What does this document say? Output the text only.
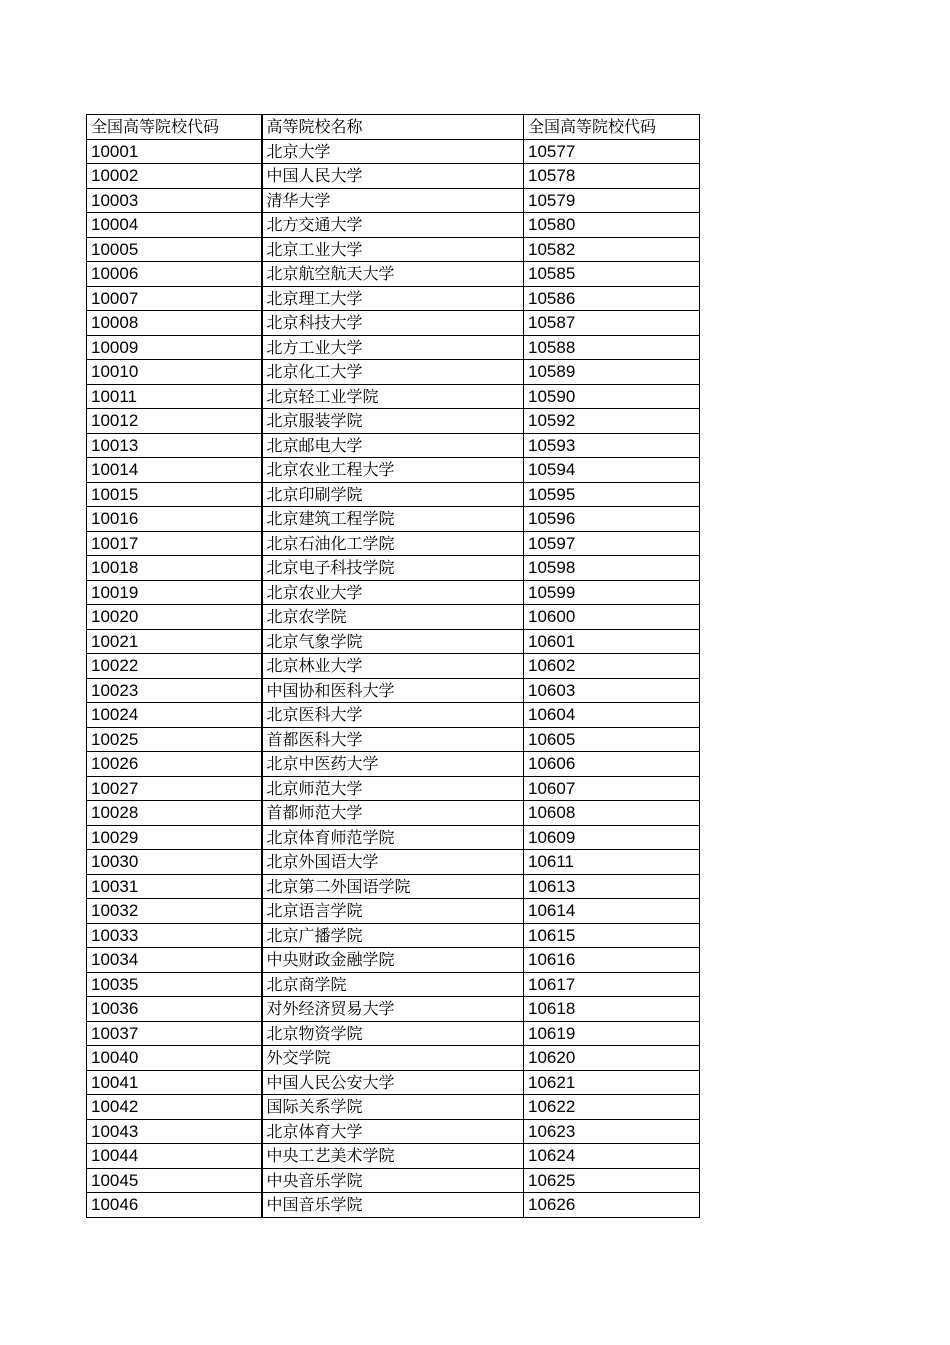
全国高等院校代码	高等院校名称	全国高等院校代码
10001	北京大学	10577
10002	中国人民大学	10578
10003	清华大学	10579
10004	北方交通大学	10580
10005	北京工业大学	10582
10006	北京航空航天大学	10585
10007	北京理工大学	10586
10008	北京科技大学	10587
10009	北方工业大学	10588
10010	北京化工大学	10589
10011	北京轻工业学院	10590
10012	北京服装学院	10592
10013	北京邮电大学	10593
10014	北京农业工程大学	10594
10015	北京印刷学院	10595
10016	北京建筑工程学院	10596
10017	北京石油化工学院	10597
10018	北京电子科技学院	10598
10019	北京农业大学	10599
10020	北京农学院	10600
10021	北京气象学院	10601
10022	北京林业大学	10602
10023	中国协和医科大学	10603
10024	北京医科大学	10604
10025	首都医科大学	10605
10026	北京中医药大学	10606
10027	北京师范大学	10607
10028	首都师范大学	10608
10029	北京体育师范学院	10609
10030	北京外国语大学	10611
10031	北京第二外国语学院	10613
10032	北京语言学院	10614
10033	北京广播学院	10615
10034	中央财政金融学院	10616
10035	北京商学院	10617
10036	对外经济贸易大学	10618
10037	北京物资学院	10619
10040	外交学院	10620
10041	中国人民公安大学	10621
10042	国际关系学院	10622
10043	北京体育大学	10623
10044	中央工艺美术学院	10624
10045	中央音乐学院	10625
10046	中国音乐学院	10626
